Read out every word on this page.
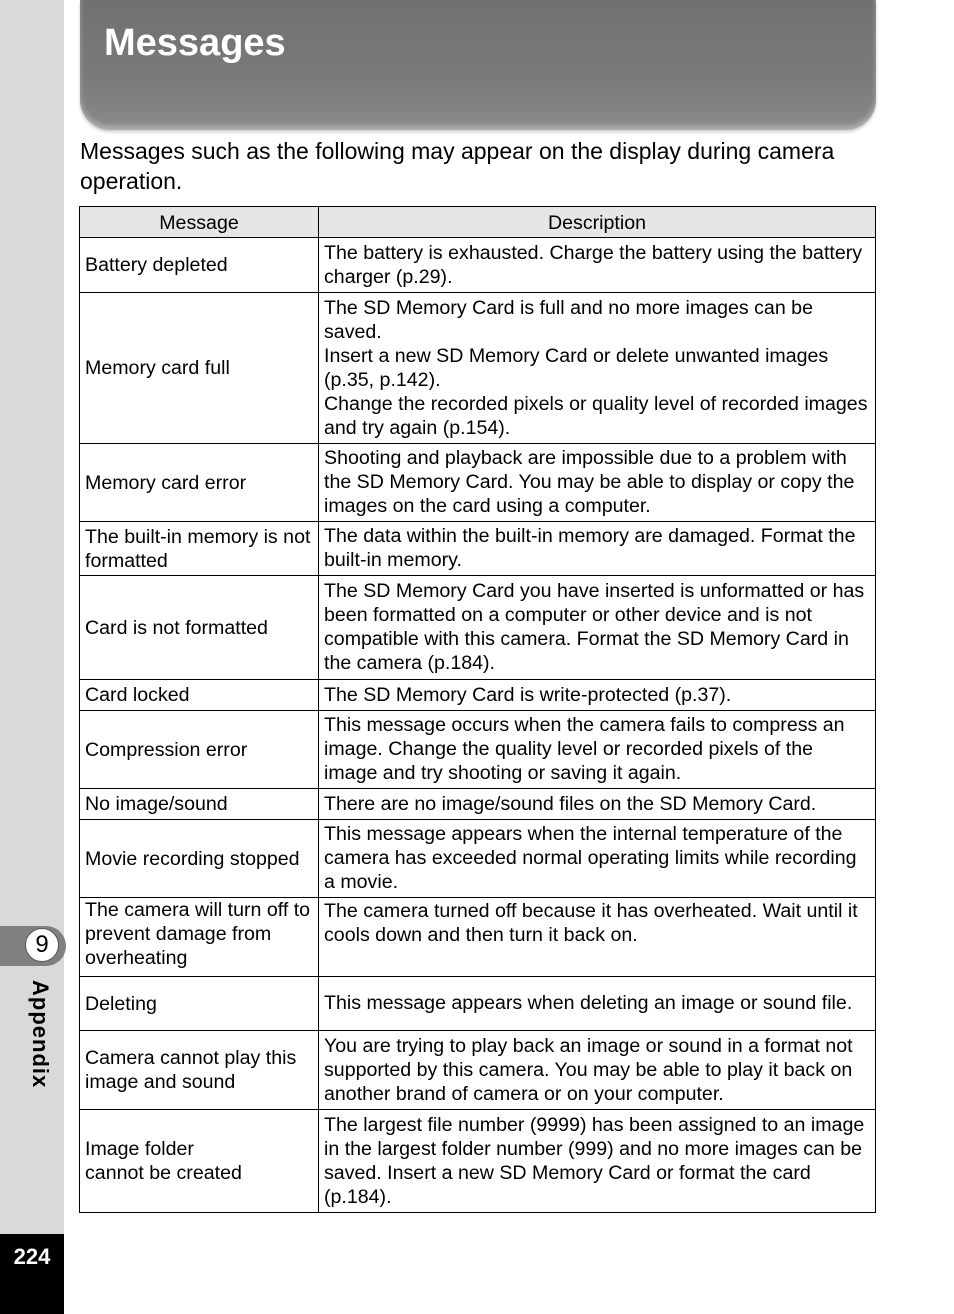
9
Appendix
224
Messages

Messages such as the following may appear on the display during camera operation.

Message	Description

Battery depleted	The battery is exhausted. Charge the battery using the battery charger (p.29).

Memory card full	The SD Memory Card is full and no more images can be saved.
Insert a new SD Memory Card or delete unwanted images (p.35, p.142).
Change the recorded pixels or quality level of recorded images and try again (p.154).

Memory card error	Shooting and playback are impossible due to a problem with the SD Memory Card. You may be able to display or copy the images on the card using a computer.

The built-in memory is not formatted	The data within the built-in memory are damaged. Format the built-in memory.

Card is not formatted	The SD Memory Card you have inserted is unformatted or has been formatted on a computer or other device and is not compatible with this camera. Format the SD Memory Card in the camera (p.184).

Card locked	The SD Memory Card is write-protected (p.37).

Compression error	This message occurs when the camera fails to compress an image. Change the quality level or recorded pixels of the image and try shooting or saving it again.

No image/sound	There are no image/sound files on the SD Memory Card.

Movie recording stopped	This message appears when the internal temperature of the camera has exceeded normal operating limits while recording a movie.

The camera will turn off to prevent damage from overheating	The camera turned off because it has overheated. Wait until it cools down and then turn it back on.

Deleting	This message appears when deleting an image or sound file.

Camera cannot play this image and sound	You are trying to play back an image or sound in a format not supported by this camera. You may be able to play it back on another brand of camera or on your computer.

Image folder
cannot be created	The largest file number (9999) has been assigned to an image in the largest folder number (999) and no more images can be saved. Insert a new SD Memory Card or format the card (p.184).
